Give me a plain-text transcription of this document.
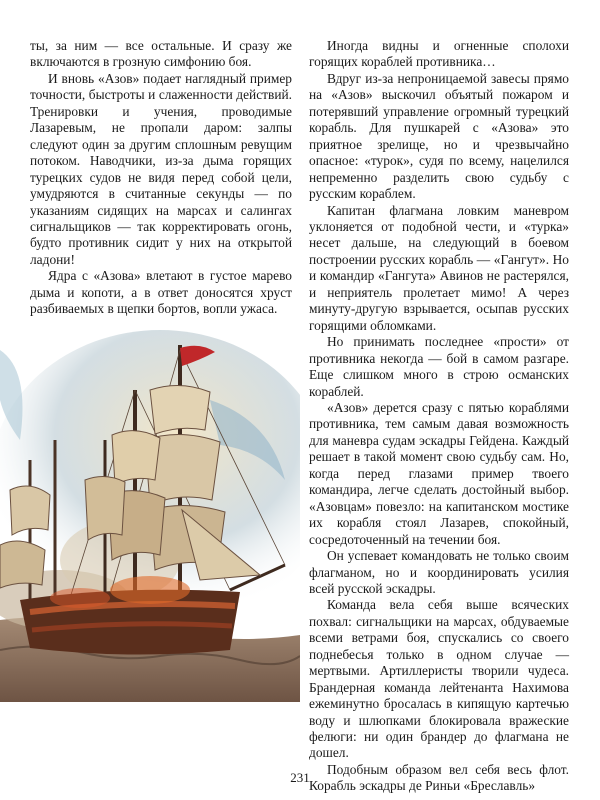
ты, за ним — все остальные. И сразу же включаются в грозную симфонию боя.

И вновь «Азов» подает наглядный пример точности, быстроты и слаженности действий. Тренировки и учения, проводимые Лазаревым, не пропали даром: залпы следуют один за другим сплошным ревущим потоком. Наводчики, из-за дыма горящих турецких судов не видя перед собой цели, умудряются в считанные секунды — по указаниям сидящих на марсах и салингах сигнальщиков — так корректировать огонь, будто противник сидит у них на открытой ладони!

Ядра с «Азова» влетают в густое марево дыма и копоти, а в ответ доносятся хруст разбиваемых в щепки бортов, вопли ужаса.

Иногда видны и огненные сполохи горящих кораблей противника…

Вдруг из-за непроницаемой завесы прямо на «Азов» выскочил объятый пожаром и потерявший управление огромный турецкий корабль. Для пушкарей с «Азова» это приятное зрелище, но и чрезвычайно опасное: «турок», судя по всему, нацелился непременно разделить свою судьбу с русским кораблем.

Капитан флагмана ловким маневром уклоняется от подобной чести, и «турка» несет дальше, на следующий в боевом построении русских корабль — «Гангут». Но и командир «Гангута» Авинов не растерялся, и неприятель пролетает мимо! А через минуту-другую взрывается, осыпав русских горящими обломками.

Но принимать последнее «прости» от противника некогда — бой в самом разгаре. Еще слишком много в строю османских кораблей.

«Азов» дерется сразу с пятью кораблями противника, тем самым давая возможность для маневра судам эскадры Гейдена. Каждый решает в такой момент свою судьбу сам. Но, когда перед глазами пример твоего командира, легче сделать достойный выбор. «Азовцам» повезло: на капитанском мостике их корабля стоял Лазарев, спокойный, сосредоточенный на течении боя.

Он успевает командовать не только своим флагманом, но и координировать усилия всей русской эскадры.

Команда вела себя выше всяческих похвал: сигнальщики на марсах, обдуваемые всеми ветрами боя, спускались со своего поднебесья только в одном случае — мертвыми. Артиллеристы творили чудеса. Брандерная команда лейтенанта Нахимова ежеминутно бросалась в кипящую картечью воду и шлюпками блокировала вражеские фелюги: ни один брандер до флагмана не дошел.

Подобным образом вел себя весь флот. Корабль эскадры де Риньи «Бреславль»

231
